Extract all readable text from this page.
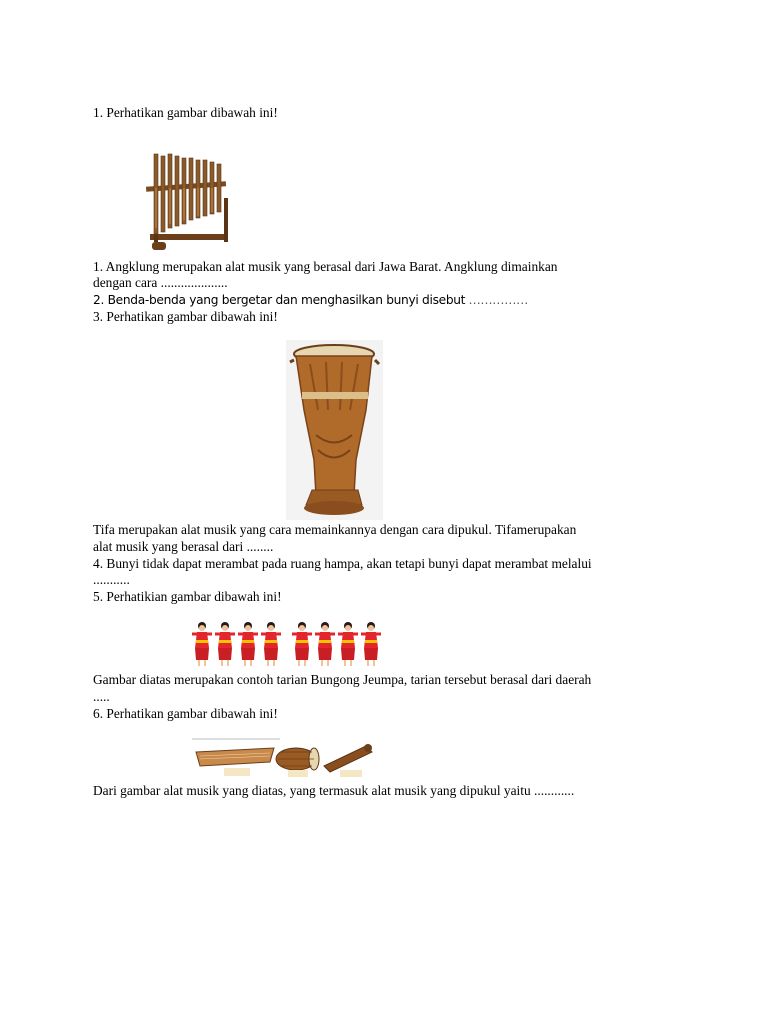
1. Perhatikan gambar dibawah ini!
1. Angklung merupakan alat musik yang berasal dari Jawa Barat. Angklung dimainkan
dengan cara ....................
2. Benda-benda yang bergetar dan menghasilkan bunyi disebut ……………
3. Perhatikan gambar dibawah ini!
Tifa merupakan alat musik yang cara memainkannya dengan cara dipukul. Tifamerupakan
alat musik yang berasal dari ........
4. Bunyi tidak dapat merambat pada ruang hampa, akan tetapi bunyi dapat merambat melalui
...........
5. Perhatikian gambar dibawah ini!
Gambar diatas merupakan contoh tarian Bungong Jeumpa, tarian tersebut berasal dari daerah
.....
6. Perhatikan gambar dibawah ini!
Dari gambar alat musik yang diatas, yang termasuk alat musik yang dipukul yaitu ............
